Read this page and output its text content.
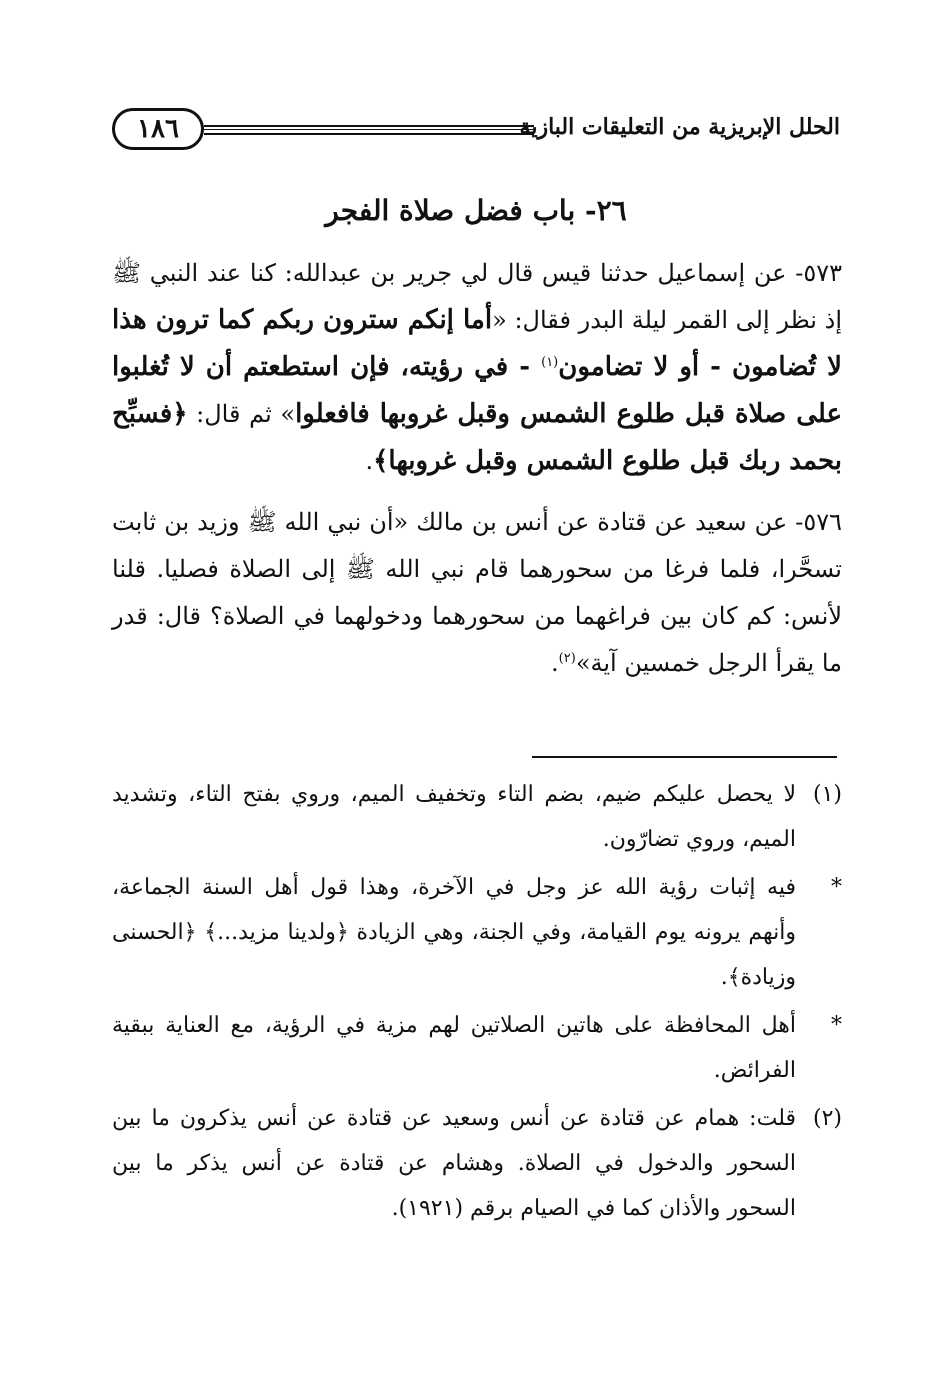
١٨٦	الحلل الإبريزية من التعليقات البازية
٢٦- باب فضل صلاة الفجر

٥٧٣- عن إسماعيل حدثنا قيس قال لي جرير بن عبدالله: كنا عند النبي ﷺ إذ نظر إلى القمر ليلة البدر فقال: «أما إنكم سترون ربكم كما ترون هذا لا تُضامون - أو لا تضامون$^{(١)}$ - في رؤيته، فإن استطعتم أن لا تُغلبوا على صلاة قبل طلوع الشمس وقبل غروبها فافعلوا» ثم قال: ﴿فسبِّح بحمد ربك قبل طلوع الشمس وقبل غروبها﴾.

٥٧٦- عن سعيد عن قتادة عن أنس بن مالك «أن نبي الله ﷺ وزيد بن ثابت تسحَّرا، فلما فرغا من سحورهما قام نبي الله ﷺ إلى الصلاة فصليا. قلنا لأنس: كم كان بين فراغهما من سحورهما ودخولهما في الصلاة؟ قال: قدر ما يقرأ الرجل خمسين آية»$^{(٢)}$.

(١)
لا يحصل عليكم ضيم، بضم التاء وتخفيف الميم، وروي بفتح التاء، وتشديد الميم، وروي تضارّون.

*
فيه إثبات رؤية الله عز وجل في الآخرة، وهذا قول أهل السنة الجماعة، وأنهم يرونه يوم القيامة، وفي الجنة، وهي الزيادة ﴿ولدينا مزيد...﴾ ﴿الحسنى وزيادة﴾.

*
أهل المحافظة على هاتين الصلاتين لهم مزية في الرؤية، مع العناية ببقية الفرائض.

(٢)
قلت: همام عن قتادة عن أنس وسعيد عن قتادة عن أنس يذكرون ما بين السحور والدخول في الصلاة. وهشام عن قتادة عن أنس يذكر ما بين السحور والأذان كما في الصيام برقم (١٩٢١).
